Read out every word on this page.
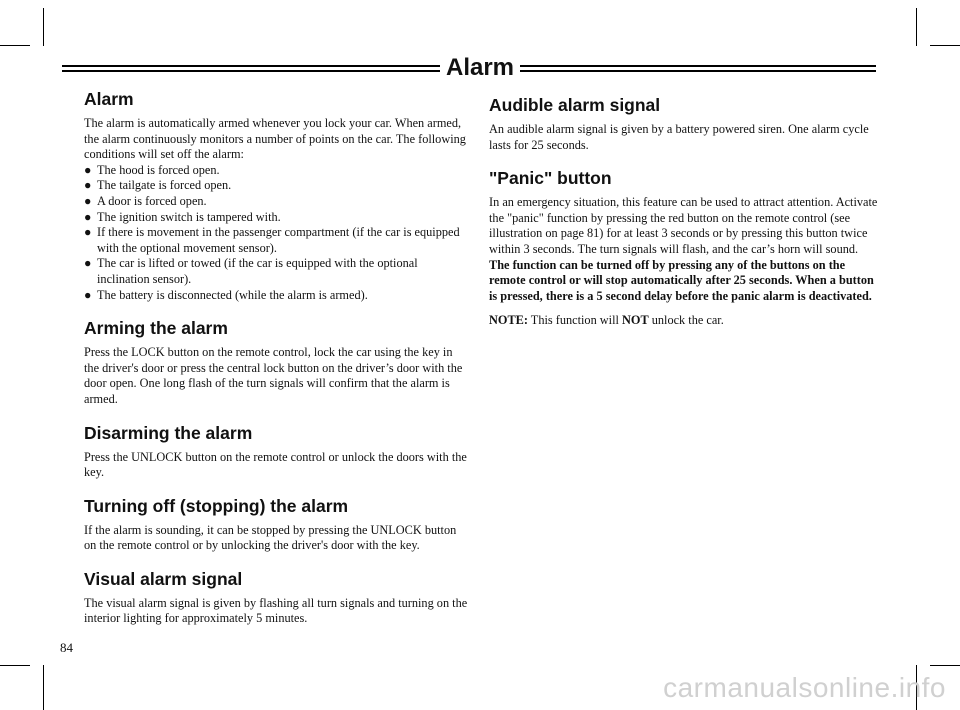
Alarm
Alarm

The alarm is automatically armed whenever you lock your car. When armed, the alarm continuously monitors a number of points on the car. The following conditions will set off the alarm:

● The hood is forced open.
● The tailgate is forced open.
● A door is forced open.
● The ignition switch is tampered with.
● If there is movement in the passenger compartment (if the car is equipped with the optional movement sensor).
● The car is lifted or towed (if the car is equipped with the optional inclination sensor).
● The battery is disconnected (while the alarm is armed).
Arming the alarm

Press the LOCK button on the remote control, lock the car using the key in the driver's door or press the central lock button on the driver’s door with the door open. One long flash of the turn signals will confirm that the alarm is armed.

Disarming the alarm

Press the UNLOCK button on the remote control or unlock the doors with the key.

Turning off (stopping) the alarm

If the alarm is sounding, it can be stopped by pressing the UNLOCK button on the remote control or by unlocking the driver's door with the key.

Visual alarm signal

The visual alarm signal is given by flashing all turn signals and turning on the interior lighting for approximately 5 minutes.

Audible alarm signal

An audible alarm signal is given by a battery powered siren. One alarm cycle lasts for 25 seconds.

"Panic" button

In an emergency situation, this feature can be used to attract attention. Activate the "panic" function by pressing the red button on the remote control (see illustration on page 81) for at least 3 seconds or by pressing this button twice within 3 seconds. The turn signals will flash, and the car’s horn will sound.

The function can be turned off by pressing any of the buttons on the remote control or will stop automatically after 25 seconds. When a button is pressed, there is a 5 second delay before the panic alarm is deactivated.

NOTE: This function will NOT unlock the car.

84
carmanualsonline.info
